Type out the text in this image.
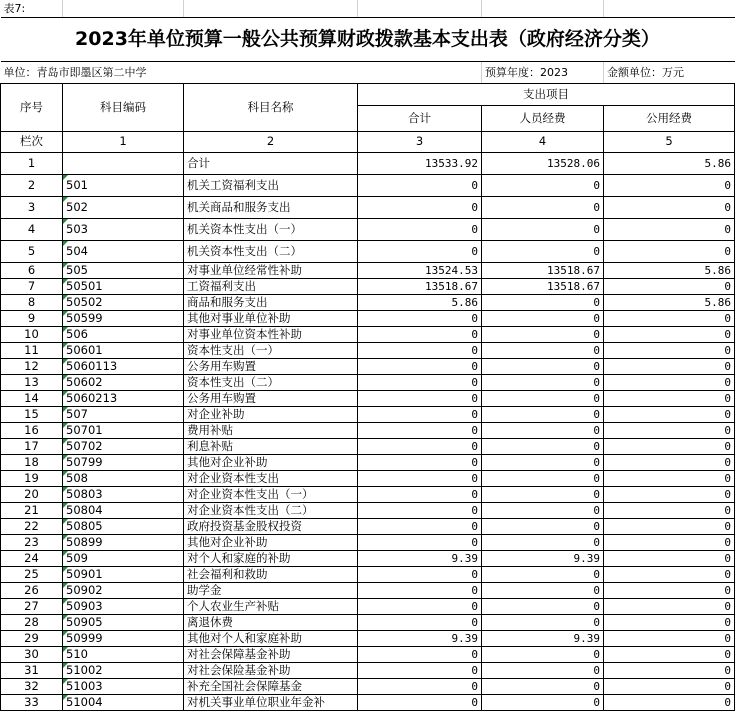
表7:					
2023年单位预算一般公共预算财政拨款基本支出表（政府经济分类）					
单位：青岛市即墨区第二中学				预算年度：2023	金额单位：万元
序号	科目编码	科目名称	支出项目		
			合计	人员经费	公用经费
栏次	1	2	3	4	5
1		合计	13533.92	13528.06	5.86
2	501	机关工资福利支出	0	0	0
3	502	机关商品和服务支出	0	0	0
4	503	机关资本性支出（一）	0	0	0
5	504	机关资本性支出（二）	0	0	0
6	505	对事业单位经常性补助	13524.53	13518.67	5.86
7	50501	工资福利支出	13518.67	13518.67	0
8	50502	商品和服务支出	5.86	0	5.86
9	50599	其他对事业单位补助	0	0	0
10	506	对事业单位资本性补助	0	0	0
11	50601	资本性支出（一）	0	0	0
12	5060113	公务用车购置	0	0	0
13	50602	资本性支出（二）	0	0	0
14	5060213	公务用车购置	0	0	0
15	507	对企业补助	0	0	0
16	50701	费用补贴	0	0	0
17	50702	利息补贴	0	0	0
18	50799	其他对企业补助	0	0	0
19	508	对企业资本性支出	0	0	0
20	50803	对企业资本性支出（一）	0	0	0
21	50804	对企业资本性支出（二）	0	0	0
22	50805	政府投资基金股权投资	0	0	0
23	50899	其他对企业补助	0	0	0
24	509	对个人和家庭的补助	9.39	9.39	0
25	50901	社会福利和救助	0	0	0
26	50902	助学金	0	0	0
27	50903	个人农业生产补贴	0	0	0
28	50905	离退休费	0	0	0
29	50999	其他对个人和家庭补助	9.39	9.39	0
30	510	对社会保障基金补助	0	0	0
31	51002	对社会保险基金补助	0	0	0
32	51003	补充全国社会保障基金	0	0	0
33	51004	对机关事业单位职业年金补	0	0	0
